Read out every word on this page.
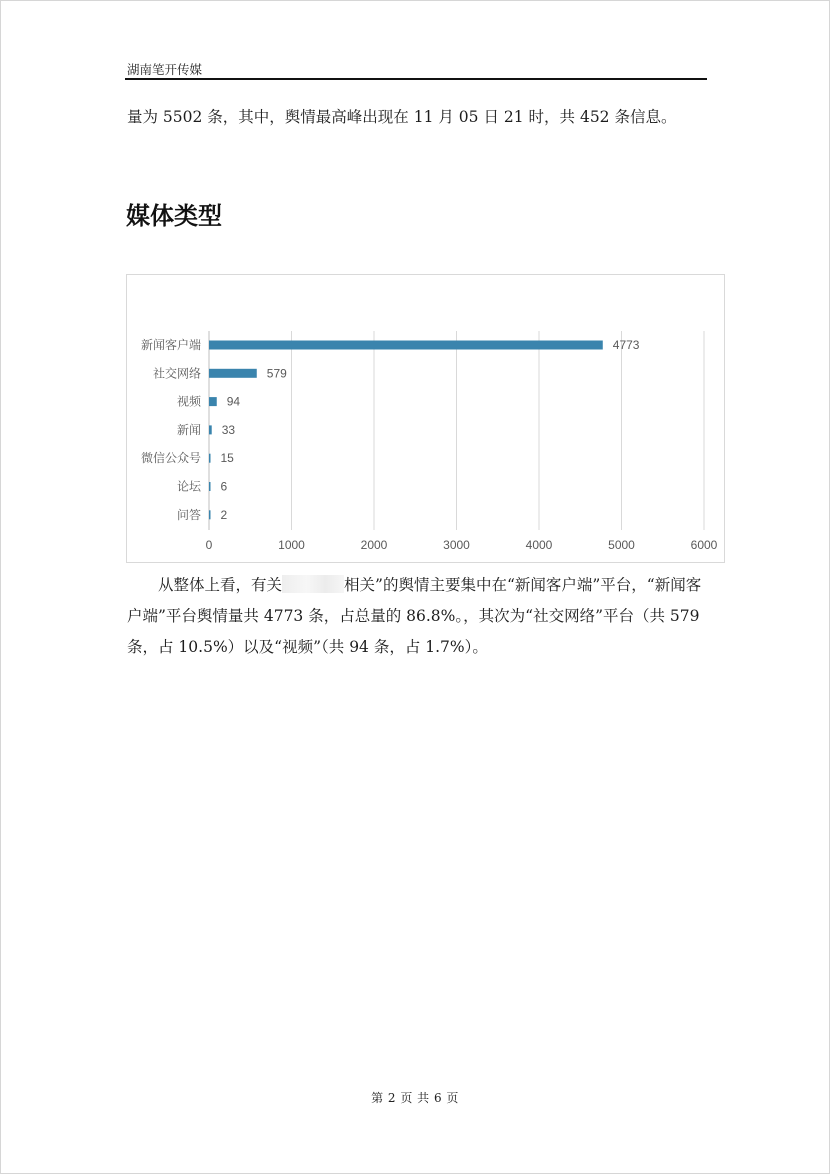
湖南笔开传媒
量为 5502 条，其中，舆情最高峰出现在 11 月 05 日 21 时，共 452 条信息。
媒体类型
0	1000	2000	3000	4000	5000	6000
新闻客户端	4773
社交网络	579
视频 94
新闻 33
微信公众号 15
论坛 6
问答 2
从整体上看，有关	相关”的舆情主要集中在“新闻客户端”平台，“新闻客户端”平台舆情量共 4773 条，占总量的 86.8%。，其次为“社交网络”平台（共 579 条，占 10.5%）以及“视频”（共 94 条，占 1.7%）。
第 2 页 共 6 页
